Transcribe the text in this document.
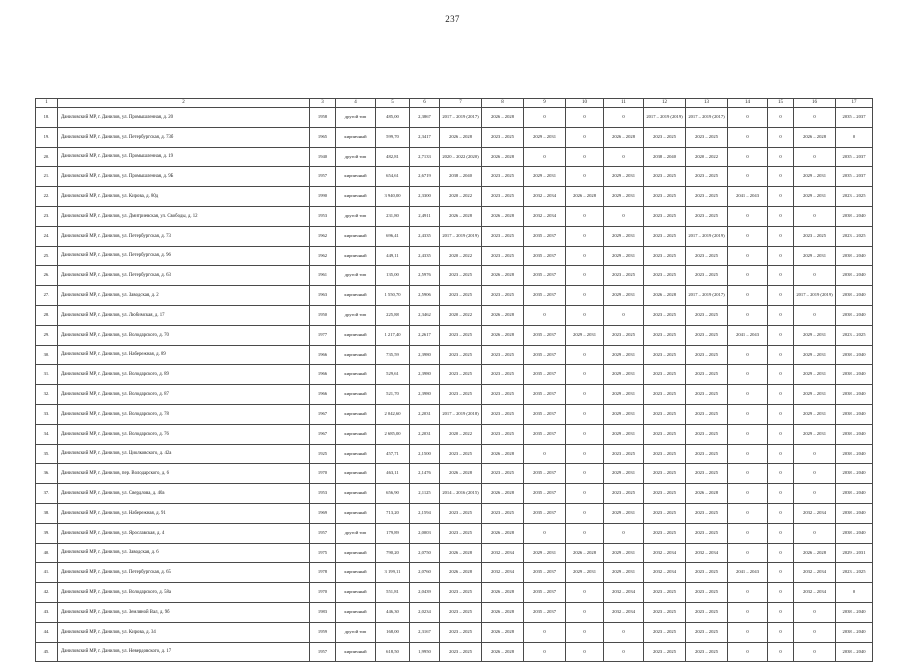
237
1	2	3	4	5	6	7	8	9	10	11	12	13	14	15	16	17
18.	Даниловский МР, г. Данилов, ул. Промышленная, д. 20	1958	другой тип	485,00	2,3867	2017 – 2019 (2017)	2026 – 2028	0	0	0	2017 – 2019 (2019)	2017 – 2019 (2017)	0	0	0	2035 – 2037
19.	Даниловский МР, г. Данилов, ул. Петербургская, д. 73б	1965	кирпичный	599,70	2,3417	2026 – 2028	2023 – 2025	2029 – 2031	0	2026 – 2028	2023 – 2025	2023 – 2025	0	0	2026 – 2028	0
20.	Даниловский МР, г. Данилов, ул. Промышленная, д. 19	1940	другой тип	482,81	2,7133	2020 – 2022 (2020)	2026 – 2028	0	0	0	2038 – 2040	2020 – 2022	0	0	0	2035 – 2037
21.	Даниловский МР, г. Данилов, ул. Промышленная, д. 9Б	1957	кирпичный	654,61	2,6719	2038 – 2040	2023 – 2025	2029 – 2031	0	2029 – 2031	2023 – 2025	2023 – 2025	0	0	2029 – 2031	2035 – 2037
22.	Даниловский МР, г. Данилов, ул. Кирова, д. 80д	1990	кирпичный	3 940,00	2,3300	2020 – 2022	2023 – 2025	2032 – 2034	2026 – 2028	2029 – 2031	2023 – 2025	2023 – 2025	2041 – 2043	0	2029 – 2031	2023 – 2025
23.	Даниловский МР, г. Данилов, ул. Дмитриевская, ул. Свободы, д. 12	1953	другой тип	231,80	2,4911	2026 – 2028	2026 – 2028	2032 – 2034	0	0	2023 – 2025	2023 – 2025	0	0	0	2038 – 2040
24.	Даниловский МР, г. Данилов, ул. Петербургская, д. 73	1962	кирпичный	696,41	2,4335	2017 – 2019 (2019)	2023 – 2025	2035 – 2037	0	2029 – 2031	2023 – 2025	2017 – 2019 (2019)	0	0	2023 – 2025	2023 – 2025
25.	Даниловский МР, г. Данилов, ул. Петербургская, д. 96	1962	кирпичный	449,11	2,4335	2020 – 2022	2023 – 2025	2035 – 2037	0	2029 – 2031	2023 – 2025	2023 – 2025	0	0	2029 – 2031	2038 – 2040
26.	Даниловский МР, г. Данилов, ул. Петербургская, д. 63	1961	другой тип	135,00	2,5976	2023 – 2025	2026 – 2028	2035 – 2037	0	2023 – 2025	2023 – 2025	2023 – 2025	0	0	0	2038 – 2040
27.	Даниловский МР, г. Данилов, ул. Заводская, д. 2	1963	кирпичный	1 550,70	2,5906	2023 – 2025	2023 – 2025	2035 – 2037	0	2029 – 2031	2026 – 2028	2017 – 2019 (2017)	0	0	2017 – 2019 (2019)	2038 – 2040
28.	Даниловский МР, г. Данилов, ул. Любимская, д. 17	1950	другой тип	225,88	2,3462	2020 – 2022	2026 – 2028	0	0	0	2023 – 2025	2023 – 2025	0	0	0	2038 – 2040
29.	Даниловский МР, г. Данилов, ул. Володарского, д. 70	1977	кирпичный	1 217,40	2,2617	2023 – 2025	2026 – 2028	2035 – 2037	2029 – 2031	2023 – 2025	2023 – 2025	2023 – 2025	2041 – 2043	0	2029 – 2031	2023 – 2025
30.	Даниловский МР, г. Данилов, ул. Набережная, д. 89	1966	кирпичный	735,59	2,3980	2023 – 2025	2023 – 2025	2035 – 2037	0	2029 – 2031	2023 – 2025	2023 – 2025	0	0	2029 – 2031	2038 – 2040
31.	Даниловский МР, г. Данилов, ул. Володарского, д. 89	1966	кирпичный	529,61	2,3980	2023 – 2025	2023 – 2025	2035 – 2037	0	2029 – 2031	2023 – 2025	2023 – 2025	0	0	2029 – 2031	2038 – 2040
32.	Даниловский МР, г. Данилов, ул. Володарского, д. 87	1966	кирпичный	521,70	2,3980	2023 – 2025	2023 – 2025	2035 – 2037	0	2029 – 2031	2023 – 2025	2023 – 2025	0	0	2029 – 2031	2038 – 2040
33.	Даниловский МР, г. Данилов, ул. Володарского, д. 78	1967	кирпичный	2 042,60	2,2031	2017 – 2019 (2018)	2023 – 2025	2035 – 2037	0	2029 – 2031	2023 – 2025	2023 – 2025	0	0	2029 – 2031	2038 – 2040
34.	Даниловский МР, г. Данилов, ул. Володарского, д. 76	1967	кирпичный	2 685,00	2,2031	2020 – 2022	2023 – 2025	2035 – 2037	0	2029 – 2031	2023 – 2025	2023 – 2025	0	0	2029 – 2031	2038 – 2040
35.	Даниловский МР, г. Данилов, ул. Циолковского, д. 42а	1925	кирпичный	457,71	2,1500	2023 – 2025	2026 – 2028	0	0	2023 – 2025	2023 – 2025	2023 – 2025	0	0	0	2038 – 2040
36.	Даниловский МР, г. Данилов, пер. Володарского, д. 6	1970	кирпичный	463,11	2,1476	2026 – 2028	2023 – 2025	2035 – 2037	0	2029 – 2031	2023 – 2025	2023 – 2025	0	0	0	2038 – 2040
37.	Даниловский МР, г. Данилов, ул. Свердлова, д. 40а	1953	кирпичный	656,90	2,1125	2014 – 2016 (2015)	2026 – 2028	2035 – 2037	0	2023 – 2025	2023 – 2025	2026 – 2028	0	0	0	2038 – 2040
38.	Даниловский МР, г. Данилов, ул. Набережная, д. 91	1969	кирпичный	713,20	2,1594	2023 – 2025	2023 – 2025	2035 – 2037	0	2029 – 2031	2023 – 2025	2023 – 2025	0	0	2032 – 2034	2038 – 2040
39.	Даниловский МР, г. Данилов, ул. Ярославская, д. 4	1957	другой тип	179,89	2,0003	2023 – 2025	2026 – 2028	0	0	0	2023 – 2025	2023 – 2025	0	0	0	2038 – 2040
40.	Даниловский МР, г. Данилов, ул. Заводская, д. 6	1975	кирпичный	790,20	2,0750	2026 – 2028	2032 – 2034	2029 – 2031	2026 – 2028	2029 – 2031	2032 – 2034	2032 – 2034	0	0	2026 – 2028	2029 – 2031
41.	Даниловский МР, г. Данилов, ул. Петербургская, д. 65	1978	кирпичный	3 199,11	2,0760	2026 – 2028	2032 – 2034	2035 – 2037	2029 – 2031	2029 – 2031	2032 – 2034	2023 – 2025	2041 – 2043	0	2032 – 2034	2023 – 2025
42.	Даниловский МР, г. Данилов, ул. Володарского, д. 58а	1970	кирпичный	551,81	2,0439	2023 – 2025	2026 – 2028	2035 – 2037	0	2032 – 2034	2023 – 2025	2023 – 2025	0	0	2032 – 2034	0
43.	Даниловский МР, г. Данилов, ул. Земляной Вал, д. 9б	1983	кирпичный	446,30	2,0234	2023 – 2025	2026 – 2028	2035 – 2037	0	2032 – 2034	2023 – 2025	2023 – 2025	0	0	0	2038 – 2040
44.	Даниловский МР, г. Данилов, ул. Кирова, д. 34	1959	другой тип	168,00	2,3167	2023 – 2025	2026 – 2028	0	0	0	2023 – 2025	2023 – 2025	0	0	0	2038 – 2040
45.	Даниловский МР, г. Данилов, ул. Невердовского, д. 17	1957	кирпичный	618,50	1,9950	2023 – 2025	2026 – 2028	0	0	0	2023 – 2025	2023 – 2025	0	0	0	2038 – 2040
